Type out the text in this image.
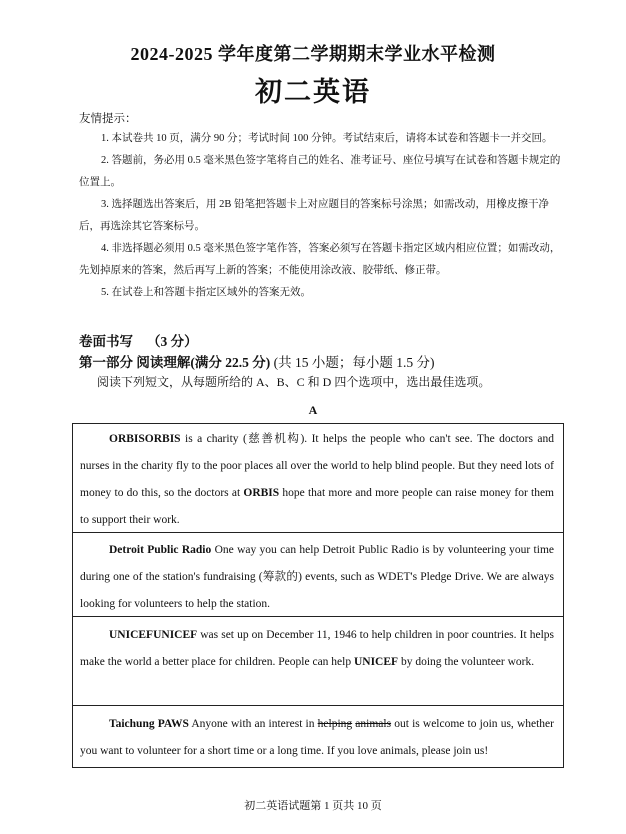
2024-2025 学年度第二学期期末学业水平检测
初二英语
友情提示：

1. 本试卷共 10 页，满分 90 分；考试时间 100 分钟。考试结束后，请将本试卷和答题卡一并交回。

2. 答题前，务必用 0.5 毫米黑色签字笔将自己的姓名、准考证号、座位号填写在试卷和答题卡规定的位置上。

3. 选择题选出答案后，用 2B 铅笔把答题卡上对应题目的答案标号涂黑；如需改动，用橡皮擦干净后，再选涂其它答案标号。

4. 非选择题必须用 0.5 毫米黑色签字笔作答，答案必须写在答题卡指定区域内相应位置；如需改动，先划掉原来的答案，然后再写上新的答案；不能使用涂改液、胶带纸、修正带。

5. 在试卷上和答题卡指定区域外的答案无效。

卷面书写 （3 分）
第一部分 阅读理解(满分 22.5 分) (共 15 小题；每小题 1.5 分)
阅读下列短文，从每题所给的 A、B、C 和 D 四个选项中，选出最佳选项。
A

ORBISORBIS is a charity (慈善机构). It helps the people who can't see. The doctors and nurses in the charity fly to the poor places all over the world to help blind people. But they need lots of money to do this, so the doctors at ORBIS hope that more and more people can raise money for them to support their work.

Detroit Public Radio One way you can help Detroit Public Radio is by volunteering your time during one of the station's fundraising (筹款的) events, such as WDET's Pledge Drive. We are always looking for volunteers to help the station.

UNICEFUNICEF was set up on December 11, 1946 to help children in poor countries. It helps make the world a better place for children. People can help UNICEF by doing the volunteer work.

Taichung PAWS Anyone with an interest in helping animals out is welcome to join us, whether you want to volunteer for a short time or a long time. If you love animals, please join us!

初二英语试题第 1 页共 10 页
